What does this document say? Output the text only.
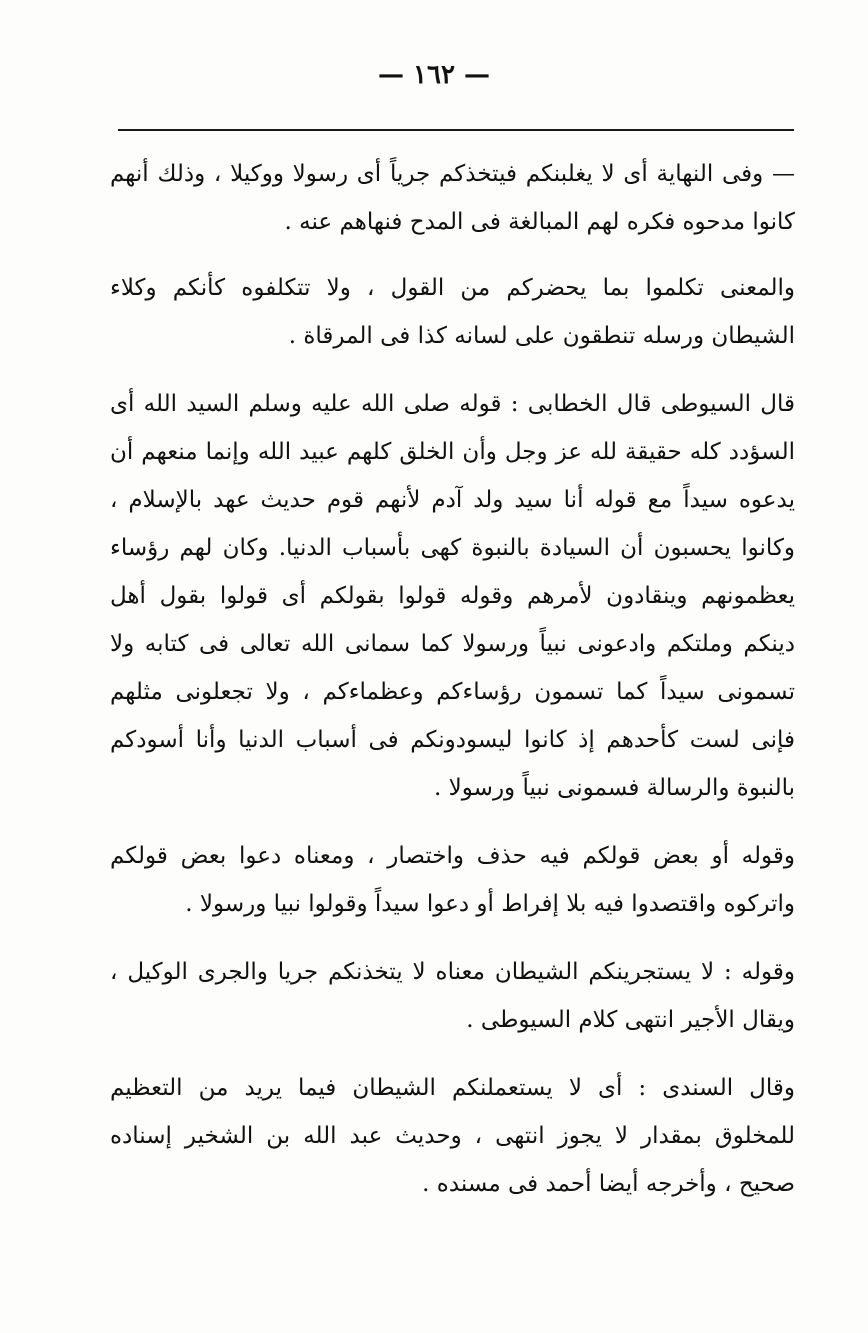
— ١٦٢ —

— وفى النهاية أى لا يغلبنكم فيتخذكم جرياً أى رسولا ووكيلا ، وذلك أنهم كانوا مدحوه فكره لهم المبالغة فى المدح فنهاهم عنه .

والمعنى تكلموا بما يحضركم من القول ، ولا تتكلفوه كأنكم وكلاء الشيطان ورسله تنطقون على لسانه كذا فى المرقاة .

قال السيوطى قال الخطابى : قوله صلى الله عليه وسلم السيد الله أى السؤدد كله حقيقة لله عز وجل وأن الخلق كلهم عبيد الله وإنما منعهم أن يدعوه سيداً مع قوله أنا سيد ولد آدم لأنهم قوم حديث عهد بالإسلام ، وكانوا يحسبون أن السيادة بالنبوة كهى بأسباب الدنيا. وكان لهم رؤساء يعظمونهم وينقادون لأمرهم وقوله قولوا بقولكم أى قولوا بقول أهل دينكم وملتكم وادعونى نبياً ورسولا كما سمانى الله تعالى فى كتابه ولا تسمونى سيداً كما تسمون رؤساءكم وعظماءكم ، ولا تجعلونى مثلهم فإنى لست كأحدهم إذ كانوا ليسودونكم فى أسباب الدنيا وأنا أسودكم بالنبوة والرسالة فسمونى نبياً ورسولا .

وقوله أو بعض قولكم فيه حذف واختصار ، ومعناه دعوا بعض قولكم واتركوه واقتصدوا فيه بلا إفراط أو دعوا سيداً وقولوا نبيا ورسولا .

وقوله : لا يستجرينكم الشيطان معناه لا يتخذنكم جريا والجرى الوكيل ، ويقال الأجير انتهى كلام السيوطى .

وقال السندى : أى لا يستعملنكم الشيطان فيما يريد من التعظيم للمخلوق بمقدار لا يجوز انتهى ، وحديث عبد الله بن الشخير إسناده صحيح ، وأخرجه أيضا أحمد فى مسنده .
